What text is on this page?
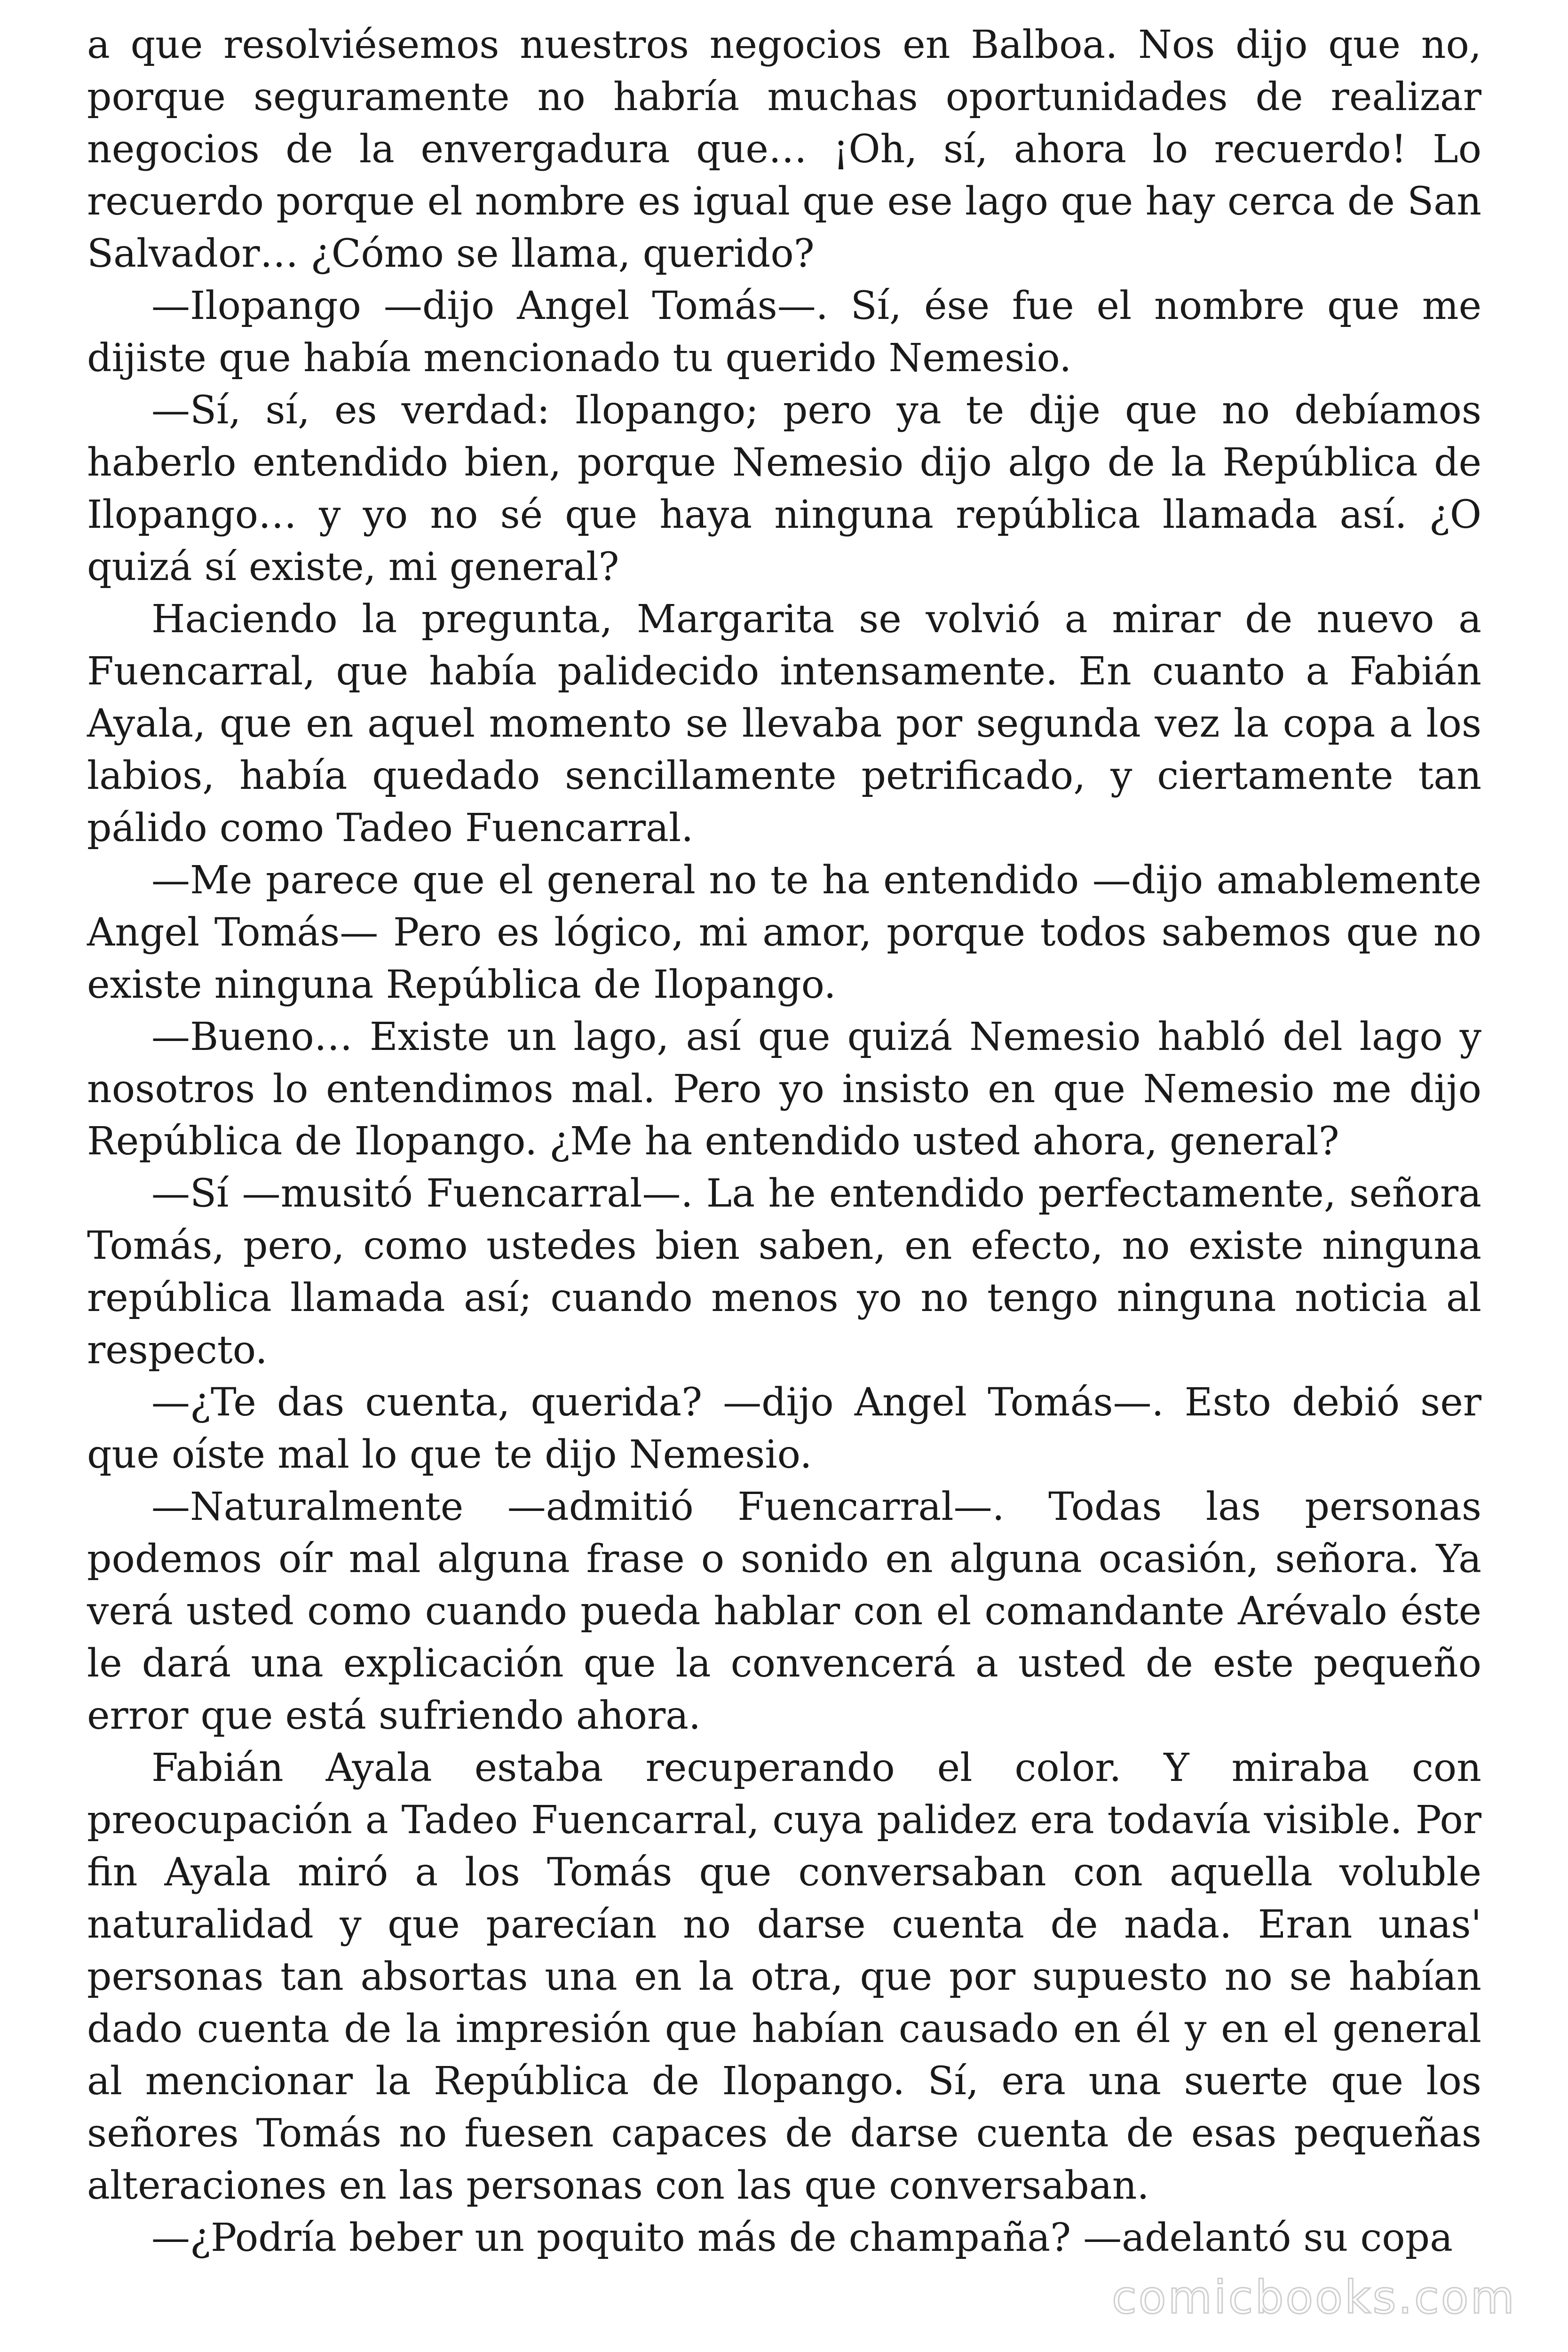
a que resolviésemos nuestros negocios en Balboa. Nos dijo que no, porque seguramente no habría muchas oportunidades de realizar negocios de la envergadura que… ¡Oh, sí, ahora lo recuerdo! Lo recuerdo porque el nombre es igual que ese lago que hay cerca de San Salvador… ¿Cómo se llama, querido?

—Ilopango —dijo Angel Tomás—. Sí, ése fue el nombre que me dijiste que había mencionado tu querido Nemesio.

—Sí, sí, es verdad: Ilopango; pero ya te dije que no debíamos haberlo entendido bien, porque Nemesio dijo algo de la República de Ilopango… y yo no sé que haya ninguna república llamada así. ¿O quizá sí existe, mi general?

Haciendo la pregunta, Margarita se volvió a mirar de nuevo a Fuencarral, que había palidecido intensamente. En cuanto a Fabián Ayala, que en aquel momento se llevaba por segunda vez la copa a los labios, había quedado sencillamente petrificado, y ciertamente tan pálido como Tadeo Fuencarral.

—Me parece que el general no te ha entendido —dijo amablemente Angel Tomás— Pero es lógico, mi amor, porque todos sabemos que no existe ninguna República de Ilopango.

—Bueno… Existe un lago, así que quizá Nemesio habló del lago y nosotros lo entendimos mal. Pero yo insisto en que Nemesio me dijo República de Ilopango. ¿Me ha entendido usted ahora, general?

—Sí —musitó Fuencarral—. La he entendido perfectamente, señora Tomás, pero, como ustedes bien saben, en efecto, no existe ninguna república llamada así; cuando menos yo no tengo ninguna noticia al respecto.

—¿Te das cuenta, querida? —dijo Angel Tomás—. Esto debió ser que oíste mal lo que te dijo Nemesio.

—Naturalmente —admitió Fuencarral—. Todas las personas podemos oír mal alguna frase o sonido en alguna ocasión, señora. Ya verá usted como cuando pueda hablar con el comandante Arévalo éste le dará una explicación que la convencerá a usted de este pequeño error que está sufriendo ahora.

Fabián Ayala estaba recuperando el color. Y miraba con preocupación a Tadeo Fuencarral, cuya palidez era todavía visible. Por fin Ayala miró a los Tomás que conversaban con aquella voluble naturalidad y que parecían no darse cuenta de nada. Eran unas' personas tan absortas una en la otra, que por supuesto no se habían dado cuenta de la impresión que habían causado en él y en el general al mencionar la República de Ilopango. Sí, era una suerte que los señores Tomás no fuesen capaces de darse cuenta de esas pequeñas alteraciones en las personas con las que conversaban.

—¿Podría beber un poquito más de champaña? —adelantó su copa

comicbooks.com
